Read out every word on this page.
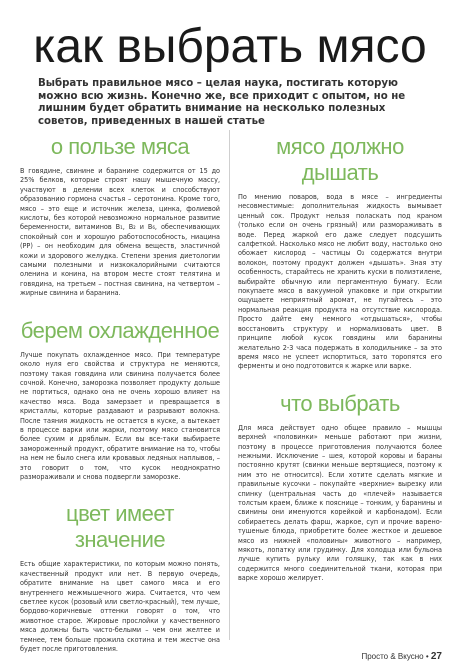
как выбрать мясо
Выбрать правильное мясо – целая наука, постигать которую можно всю жизнь. Конечно же, все приходит с опытом, но не лишним будет обратить внимание на несколько полезных советов, приведенных в нашей статье
о пользе мяса

В говядине, свинине и баранине содержится от 15 до 25% белков, которые строят нашу мышечную массу, участвуют в делении всех клеток и способствуют образованию гормона счастья – серотонина. Кроме того, мясо – это еще и источник железа, цинка, фолиевой кислоты, без которой невозможно нормальное развитие беременности, витаминов B₁, B₂ и B₆, обеспечивающих спокойный сон и хорошую работоспособность, ниацина (PP) – он необходим для обмена веществ, эластичной кожи и здорового желудка. Степени зрения диетологии самыми полезными и низкокалорийными считаются оленина и конина, на втором месте стоят телятина и говядина, на третьем – постная свинина, на четвертом – жирные свинина и баранина.

берем охлажденное

Лучше покупать охлажденное мясо. При температуре около нуля его свойства и структура не меняются, поэтому такая говядина или свинина получается более сочной. Конечно, заморозка позволяет продукту дольше не портиться, однако она не очень хорошо влияет на качество мяса. Вода замерзает и превращается в кристаллы, которые раздавают и разрывают волокна. После таяния жидкость не остается в куске, а вытекает в процессе варки или жарки, поэтому мясо становится более сухим и дряблым. Если вы все-таки выбираете замороженный продукт, обратите внимание на то, чтобы на нем не было снега или кровавых ледяных наплывов, – это говорит о том, что кусок неоднократно размораживали и снова подвергли заморозке.

цвет имеет значение

Есть общие характеристики, по которым можно понять, качественный продукт или нет. В первую очередь, обратите внимание на цвет самого мяса и его внутреннего межмышечного жира. Считается, что чем светлее кусок (розовый или светло-красный), тем лучше, бордово-коричневые оттенки говорят о том, что животное старое. Жировые прослойки у качественного мяса должны быть чисто-белыми – чем они желтее и темнее, тем больше прожила скотина и тем жестче она будет после приготовления.

мясо должно дышать

По мнению поваров, вода в мясе – ингредиенты несовместимые: дополнительная жидкость вымывает ценный сок. Продукт нельзя поласкать под краном (только если он очень грязный) или размораживать в воде. Перед жаркой его даже следует подсушить салфеткой. Насколько мясо не любит воду, настолько оно обожает кислород – частицы O₂ содержатся внутри волокон, поэтому продукт должен «дышать». Зная эту особенность, старайтесь не хранить куски в полиэтилене, выбирайте обычную или пергаментную бумагу. Если покупаете мясо в вакуумной упаковке и при открытии ощущаете неприятный аромат, не пугайтесь – это нормальная реакция продукта на отсутствие кислорода. Просто дайте ему немного «отдышаться», чтобы восстановить структуру и нормализовать цвет. В принципе любой кусок говядины или баранины желательно 2-3 часа подержать в холодильнике – за это время мясо не успеет испортиться, зато торопятся его ферменты и оно подготовится к жарке или варке.

что выбрать

Для мяса действует одно общее правило – мышцы верхней «половинки» меньше работают при жизни, поэтому в процессе приготовления получаются более нежными. Исключение – шея, которой коровы и бараны постоянно крутят (свинки меньше вертящиеся, поэтому к ним это не относится). Если хотите сделать мягкие и правильные кусочки – покупайте «верхние» вырезку или спинку (центральная часть до «плечей» называется толстым краем, ближе к пояснице – тонким, у баранины и свинины они именуются корейкой и карбонадом). Если собираетесь делать фарш, жаркое, суп и прочие варено-тушеные блюда, приобретите более жесткое и дешевое мясо из нижней «половины» животного – например, мякоть, лопатку или грудинку. Для холодца или бульона лучше купить рульку или голяшку, так как в них содержится много соединительной ткани, которая при варке хорошо желирует.

Просто & Вкусно • 27
